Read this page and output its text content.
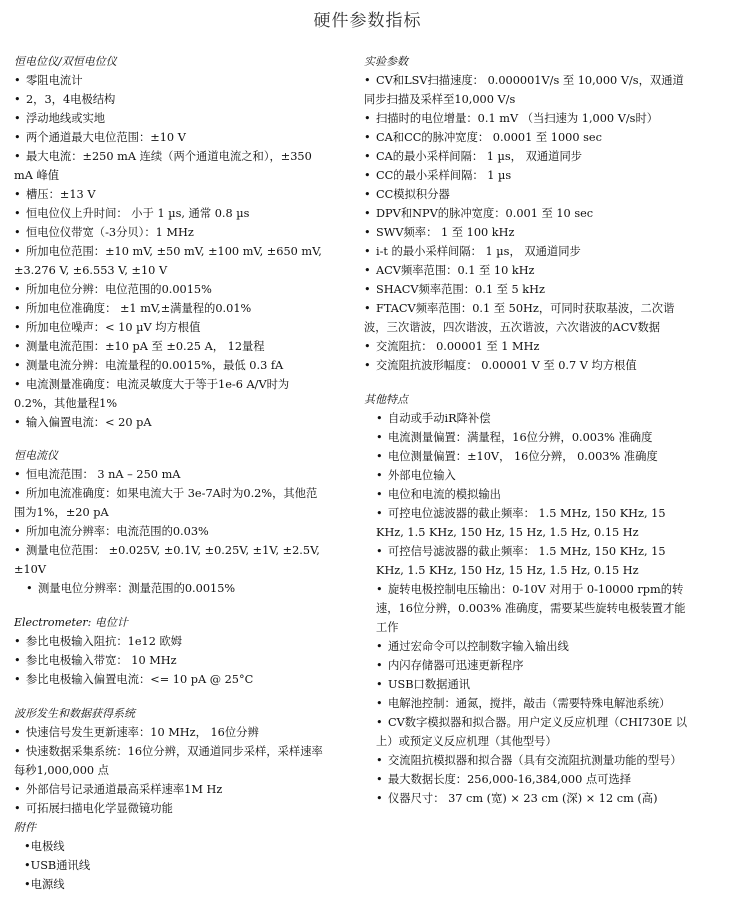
硬件参数指标
恒电位仪/双恒电位仪
• 零阻电流计
• 2，3，4电极结构
• 浮动地线或实地
• 两个通道最大电位范围：±10 V
• 最大电流：±250 mA 连续（两个通道电流之和），±350 mA 峰值
• 槽压：±13 V
• 恒电位仪上升时间： 小于 1 µs, 通常 0.8 µs
• 恒电位仪带宽（-3分贝）：1 MHz
• 所加电位范围：±10 mV, ±50 mV, ±100 mV, ±650 mV, ±3.276 V, ±6.553 V, ±10 V
• 所加电位分辨：电位范围的0.0015%
• 所加电位准确度： ±1 mV,±满量程的0.01%
• 所加电位噪声：< 10 µV 均方根值
• 测量电流范围：±10 pA 至 ±0.25 A， 12量程
• 测量电流分辨：电流量程的0.0015%，最低 0.3 fA
• 电流测量准确度：电流灵敏度大于等于1e-6 A/V时为 0.2%，其他量程1%
• 输入偏置电流：< 20 pA
恒电流仪
• 恒电流范围： 3 nA – 250 mA
• 所加电流准确度：如果电流大于 3e-7A时为0.2%，其他范围为1%，±20 pA
• 所加电流分辨率：电流范围的0.03%
• 测量电位范围： ±0.025V, ±0.1V, ±0.25V, ±1V, ±2.5V, ±10V
• 测量电位分辨率：测量范围的0.0015%
Electrometer: 电位计
• 参比电极输入阻抗：1e12 欧姆
• 参比电极输入带宽： 10 MHz
• 参比电极输入偏置电流：<= 10 pA @ 25°C
波形发生和数据获得系统
• 快速信号发生更新速率：10 MHz， 16位分辨
• 快速数据采集系统：16位分辨，双通道同步采样，采样速率每秒1,000,000 点
• 外部信号记录通道最高采样速率1M Hz
• 可拓展扫描电化学显微镜功能
附件
• 电极线
• USB通讯线
• 电源线
实验参数
• CV和LSV扫描速度： 0.000001V/s 至 10,000 V/s，双通道同步扫描及采样至10,000 V/s
• 扫描时的电位增量：0.1 mV （当扫速为 1,000 V/s时）
• CA和CC的脉冲宽度： 0.0001 至 1000 sec
• CA的最小采样间隔： 1 µs， 双通道同步
• CC的最小采样间隔： 1 µs
• CC模拟积分器
• DPV和NPV的脉冲宽度：0.001 至 10 sec
• SWV频率： 1 至 100 kHz
• i-t 的最小采样间隔： 1 µs， 双通道同步
• ACV频率范围：0.1 至 10 kHz
• SHACV频率范围：0.1 至 5 kHz
• FTACV频率范围：0.1 至 50Hz，可同时获取基波，二次谐波，三次谐波，四次谐波，五次谐波，六次谐波的ACV数据
• 交流阻抗： 0.00001 至 1 MHz
• 交流阻抗波形幅度： 0.00001 V 至 0.7 V 均方根值
其他特点
• 自动或手动iR降补偿
• 电流测量偏置：满量程，16位分辨，0.003% 准确度
• 电位测量偏置：±10V， 16位分辨， 0.003% 准确度
• 外部电位输入
• 电位和电流的模拟输出
• 可控电位滤波器的截止频率： 1.5 MHz, 150 KHz, 15 KHz, 1.5 KHz, 150 Hz, 15 Hz, 1.5 Hz, 0.15 Hz
• 可控信号滤波器的截止频率： 1.5 MHz, 150 KHz, 15 KHz, 1.5 KHz, 150 Hz, 15 Hz, 1.5 Hz, 0.15 Hz
• 旋转电极控制电压输出：0-10V 对用于 0-10000 rpm的转速，16位分辨，0.003% 准确度，需要某些旋转电极装置才能工作
• 通过宏命令可以控制数字输入输出线
• 内闪存储器可迅速更新程序
• USB口数据通讯
• 电解池控制：通氮，搅拌，敲击（需要特殊电解池系统）
• CV数字模拟器和拟合器。用户定义反应机理（CHI730E 以上）或预定义反应机理（其他型号）
• 交流阻抗模拟器和拟合器（具有交流阻抗测量功能的型号）
• 最大数据长度：256,000-16,384,000 点可选择
• 仪器尺寸： 37 cm (宽) × 23 cm (深) × 12 cm (高)
